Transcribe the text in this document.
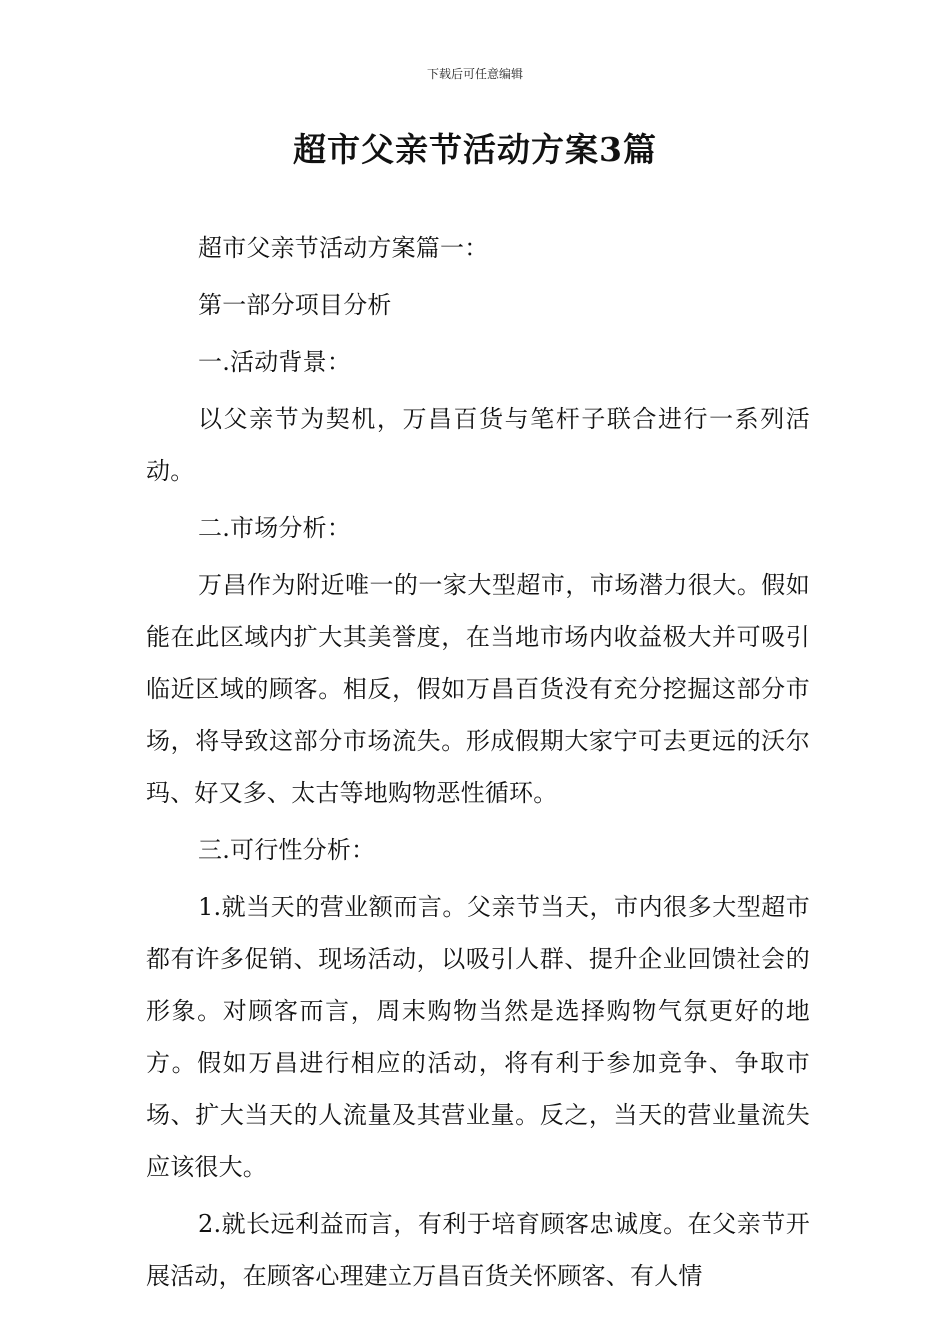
下载后可任意编辑
超市父亲节活动方案3篇

超市父亲节活动方案篇一：

第一部分项目分析

一.活动背景：

以父亲节为契机，万昌百货与笔杆子联合进行一系列活动。

二.市场分析：

万昌作为附近唯一的一家大型超市，市场潜力很大。假如能在此区域内扩大其美誉度，在当地市场内收益极大并可吸引临近区域的顾客。相反，假如万昌百货没有充分挖掘这部分市场，将导致这部分市场流失。形成假期大家宁可去更远的沃尔玛、好又多、太古等地购物恶性循环。

三.可行性分析：

1.就当天的营业额而言。父亲节当天，市内很多大型超市都有许多促销、现场活动，以吸引人群、提升企业回馈社会的形象。对顾客而言，周末购物当然是选择购物气氛更好的地方。假如万昌进行相应的活动，将有利于参加竞争、争取市场、扩大当天的人流量及其营业量。反之，当天的营业量流失应该很大。

2.就长远利益而言，有利于培育顾客忠诚度。在父亲节开展活动，在顾客心理建立万昌百货关怀顾客、有人情
